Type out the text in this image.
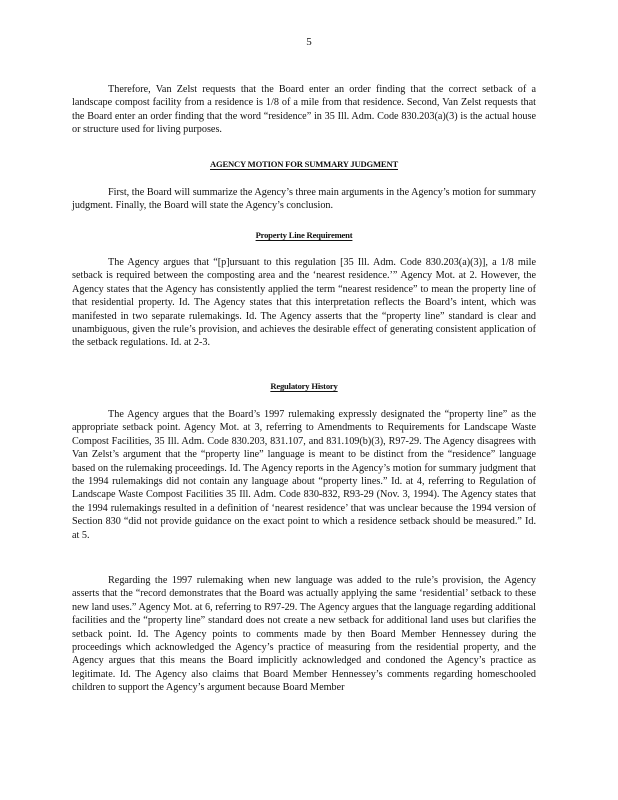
5

Therefore, Van Zelst requests that the Board enter an order finding that the correct setback of a landscape compost facility from a residence is 1/8 of a mile from that residence. Second, Van Zelst requests that the Board enter an order finding that the word “residence” in 35 Ill. Adm. Code 830.203(a)(3) is the actual house or structure used for living purposes.

AGENCY MOTION FOR SUMMARY JUDGMENT

First, the Board will summarize the Agency’s three main arguments in the Agency’s motion for summary judgment. Finally, the Board will state the Agency’s conclusion.

Property Line Requirement

The Agency argues that “[p]ursuant to this regulation [35 Ill. Adm. Code 830.203(a)(3)], a 1/8 mile setback is required between the composting area and the ‘nearest residence.’” Agency Mot. at 2. However, the Agency states that the Agency has consistently applied the term “nearest residence” to mean the property line of that residential property. Id. The Agency states that this interpretation reflects the Board’s intent, which was manifested in two separate rulemakings. Id. The Agency asserts that the “property line” standard is clear and unambiguous, given the rule’s provision, and achieves the desirable effect of generating consistent application of the setback regulations. Id. at 2-3.

Regulatory History

The Agency argues that the Board’s 1997 rulemaking expressly designated the “property line” as the appropriate setback point. Agency Mot. at 3, referring to Amendments to Requirements for Landscape Waste Compost Facilities, 35 Ill. Adm. Code 830.203, 831.107, and 831.109(b)(3), R97-29. The Agency disagrees with Van Zelst’s argument that the “property line” language is meant to be distinct from the “residence” language based on the rulemaking proceedings. Id. The Agency reports in the Agency’s motion for summary judgment that the 1994 rulemakings did not contain any language about “property lines.” Id. at 4, referring to Regulation of Landscape Waste Compost Facilities 35 Ill. Adm. Code 830-832, R93-29 (Nov. 3, 1994). The Agency states that the 1994 rulemakings resulted in a definition of ‘nearest residence’ that was unclear because the 1994 version of Section 830 “did not provide guidance on the exact point to which a residence setback should be measured.” Id. at 5.

Regarding the 1997 rulemaking when new language was added to the rule’s provision, the Agency asserts that the “record demonstrates that the Board was actually applying the same ‘residential’ setback to these new land uses.” Agency Mot. at 6, referring to R97-29. The Agency argues that the language regarding additional facilities and the “property line” standard does not create a new setback for additional land uses but clarifies the setback point. Id. The Agency points to comments made by then Board Member Hennessey during the proceedings which acknowledged the Agency’s practice of measuring from the residential property, and the Agency argues that this means the Board implicitly acknowledged and condoned the Agency’s practice as legitimate. Id. The Agency also claims that Board Member Hennessey’s comments regarding homeschooled children to support the Agency’s argument because Board Member
